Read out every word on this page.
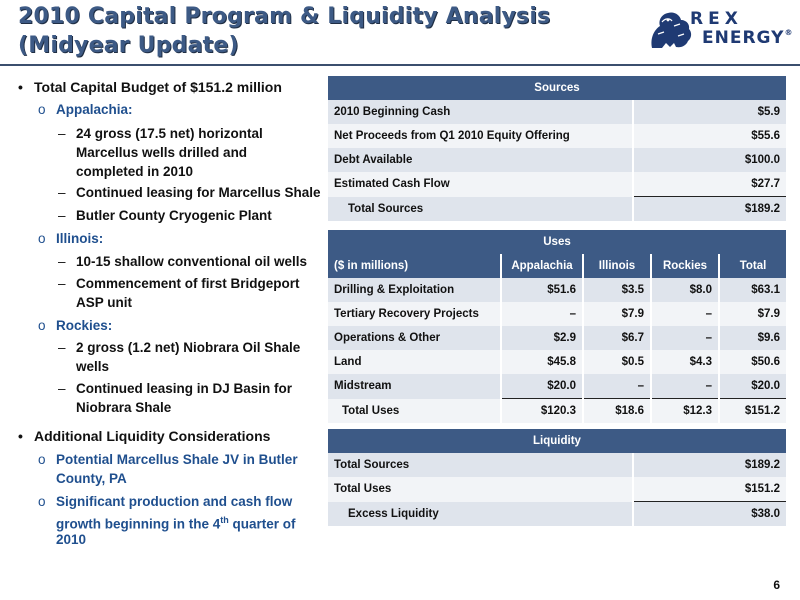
2010 Capital Program & Liquidity Analysis
(Midyear Update)
REX
ENERGY®
• Total Capital Budget of $151.2 million
o Appalachia:
– 24 gross (17.5 net) horizontal
Marcellus wells drilled and
completed in 2010
– Continued leasing for Marcellus Shale
– Butler County Cryogenic Plant
o Illinois:
– 10-15 shallow conventional oil wells
– Commencement of first Bridgeport
ASP unit
o Rockies:
– 2 gross (1.2 net) Niobrara Oil Shale
wells
– Continued leasing in DJ Basin for
Niobrara Shale
• Additional Liquidity Considerations
o Potential Marcellus Shale JV in Butler
County, PA
o Significant production and cash flow
growth beginning in the 4th quarter of
2010
Sources	
2010 Beginning Cash	$5.9
Net Proceeds from Q1 2010 Equity Offering	$55.6
Debt Available	$100.0
Estimated Cash Flow	$27.7
Total Sources	$189.2
Uses				
($ in millions)	Appalachia	Illinois	Rockies	Total
Drilling & Exploitation	$51.6	$3.5	$8.0	$63.1
Tertiary Recovery Projects	–	$7.9	–	$7.9
Operations & Other	$2.9	$6.7	–	$9.6
Land	$45.8	$0.5	$4.3	$50.6
Midstream	$20.0	–	–	$20.0
Total Uses	$120.3	$18.6	$12.3	$151.2
Liquidity	
Total Sources	$189.2
Total Uses	$151.2
Excess Liquidity	$38.0
6
